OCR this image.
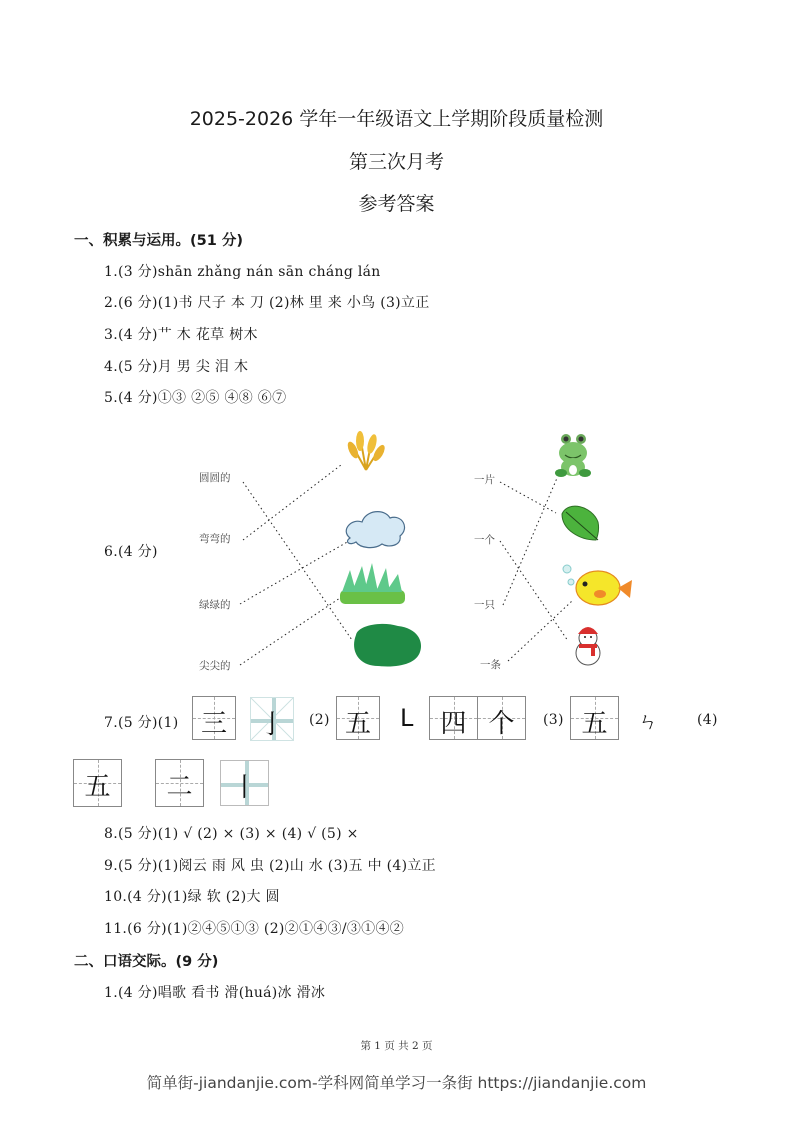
2025-2026 学年一年级语文上学期阶段质量检测
第三次月考
参考答案
一、积累与运用。(51 分)
1.(3 分)shān zhǎng nán sān cháng lán
2.(6 分)(1)书 尺子 本 刀 (2)林 里 来 小鸟 (3)立正
3.(4 分)艹 木 花草 树木
4.(5 分)月 男 尖 泪 木
5.(4 分)①③ ②⑤ ④⑧ ⑥⑦
6.(4 分)
圆圆的
弯弯的
绿绿的
尖尖的
一片
一个
一只
一条
7.(5 分)(1) 三	亅	(2) 五	L	四 个	(3) 五	ㄣ	(4)
五	二	丨
8.(5 分)(1) √ (2) × (3) × (4) √ (5) ×
9.(5 分)(1)阅云 雨 风 虫 (2)山 水 (3)五 中 (4)立正
10.(4 分)(1)绿 软 (2)大 圆
11.(6 分)(1)②④⑤①③ (2)②①④③/③①④②
二、口语交际。(9 分)
1.(4 分)唱歌 看书 滑(huá)冰 滑冰
第 1 页 共 2 页
简单街-jiandanjie.com-学科网简单学习一条街 https://jiandanjie.com
